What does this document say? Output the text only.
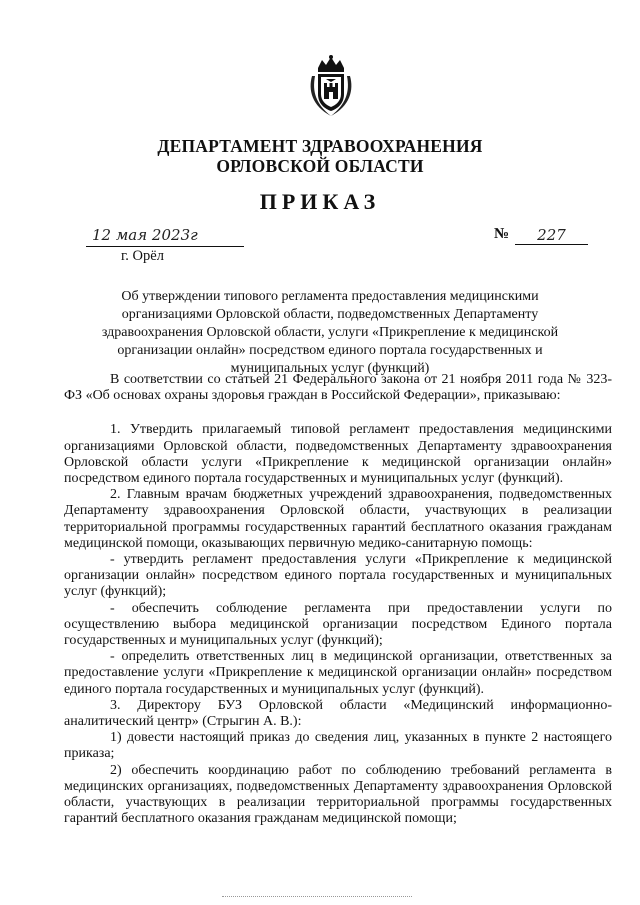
ДЕПАРТАМЕНТ ЗДРАВООХРАНЕНИЯ
ОРЛОВСКОЙ ОБЛАСТИ
ПРИКАЗ
12 мая 2023г
г. Орёл
№	227
Об утверждении типового регламента предоставления медицинскими организациями Орловской области, подведомственных Департаменту здравоохранения Орловской области, услуги «Прикрепление к медицинской организации онлайн» посредством единого портала государственных и муниципальных услуг (функций)

В соответствии со статьей 21 Федерального закона от 21 ноября 2011 года № 323-ФЗ «Об основах охраны здоровья граждан в Российской Федерации», приказываю:

1. Утвердить прилагаемый типовой регламент предоставления медицинскими организациями Орловской области, подведомственных Департаменту здравоохранения Орловской области услуги «Прикрепление к медицинской организации онлайн» посредством единого портала государственных и муниципальных услуг (функций).

2. Главным врачам бюджетных учреждений здравоохранения, подведомственных Департаменту здравоохранения Орловской области, участвующих в реализации территориальной программы государственных гарантий бесплатного оказания гражданам медицинской помощи, оказывающих первичную медико-санитарную помощь:

- утвердить регламент предоставления услуги «Прикрепление к медицинской организации онлайн» посредством единого портала государственных и муниципальных услуг (функций);

- обеспечить соблюдение регламента при предоставлении услуги по осуществлению выбора медицинской организации посредством Единого портала государственных и муниципальных услуг (функций);

- определить ответственных лиц в медицинской организации, ответственных за предоставление услуги «Прикрепление к медицинской организации онлайн» посредством единого портала государственных и муниципальных услуг (функций).

3. Директору БУЗ Орловской области «Медицинский информационно-аналитический центр» (Стрыгин А. В.):

1) довести настоящий приказ до сведения лиц, указанных в пункте 2 настоящего приказа;

2) обеспечить координацию работ по соблюдению требований регламента в медицинских организациях, подведомственных Департаменту здравоохранения Орловской области, участвующих в реализации территориальной программы государственных гарантий бесплатного оказания гражданам медицинской помощи;
